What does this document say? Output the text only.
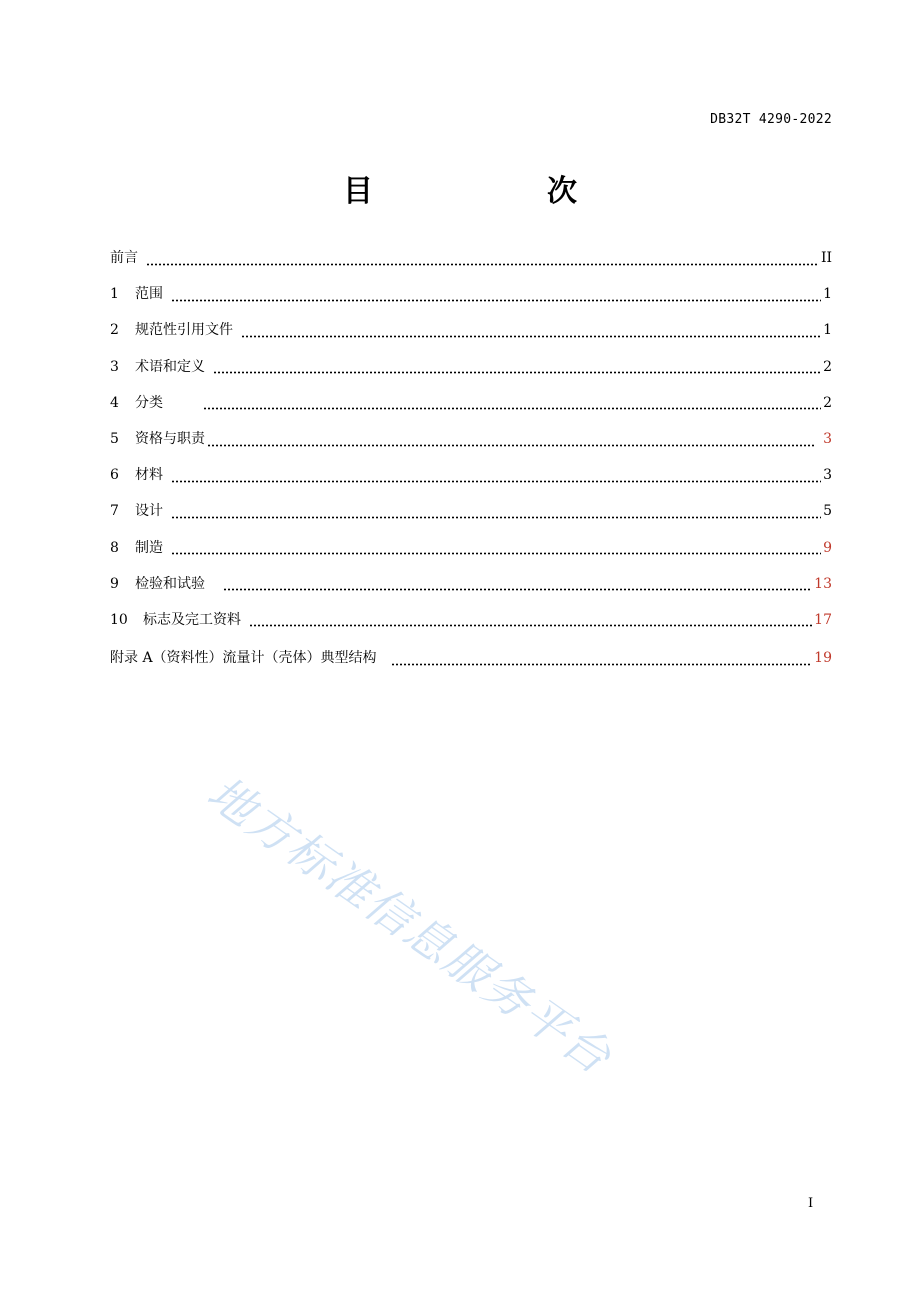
DB32T 4290-2022
目　次
前言	II
1	范围	1
2	规范性引用文件	1
3	术语和定义	2
4	分类	2
5	资格与职责	3
6	材料	3
7	设计	5
8	制造	9
9	检验和试验	13
10	标志及完工资料	17
附录 A（资料性）流量计（壳体）典型结构	19
地方标准信息服务平台
I
